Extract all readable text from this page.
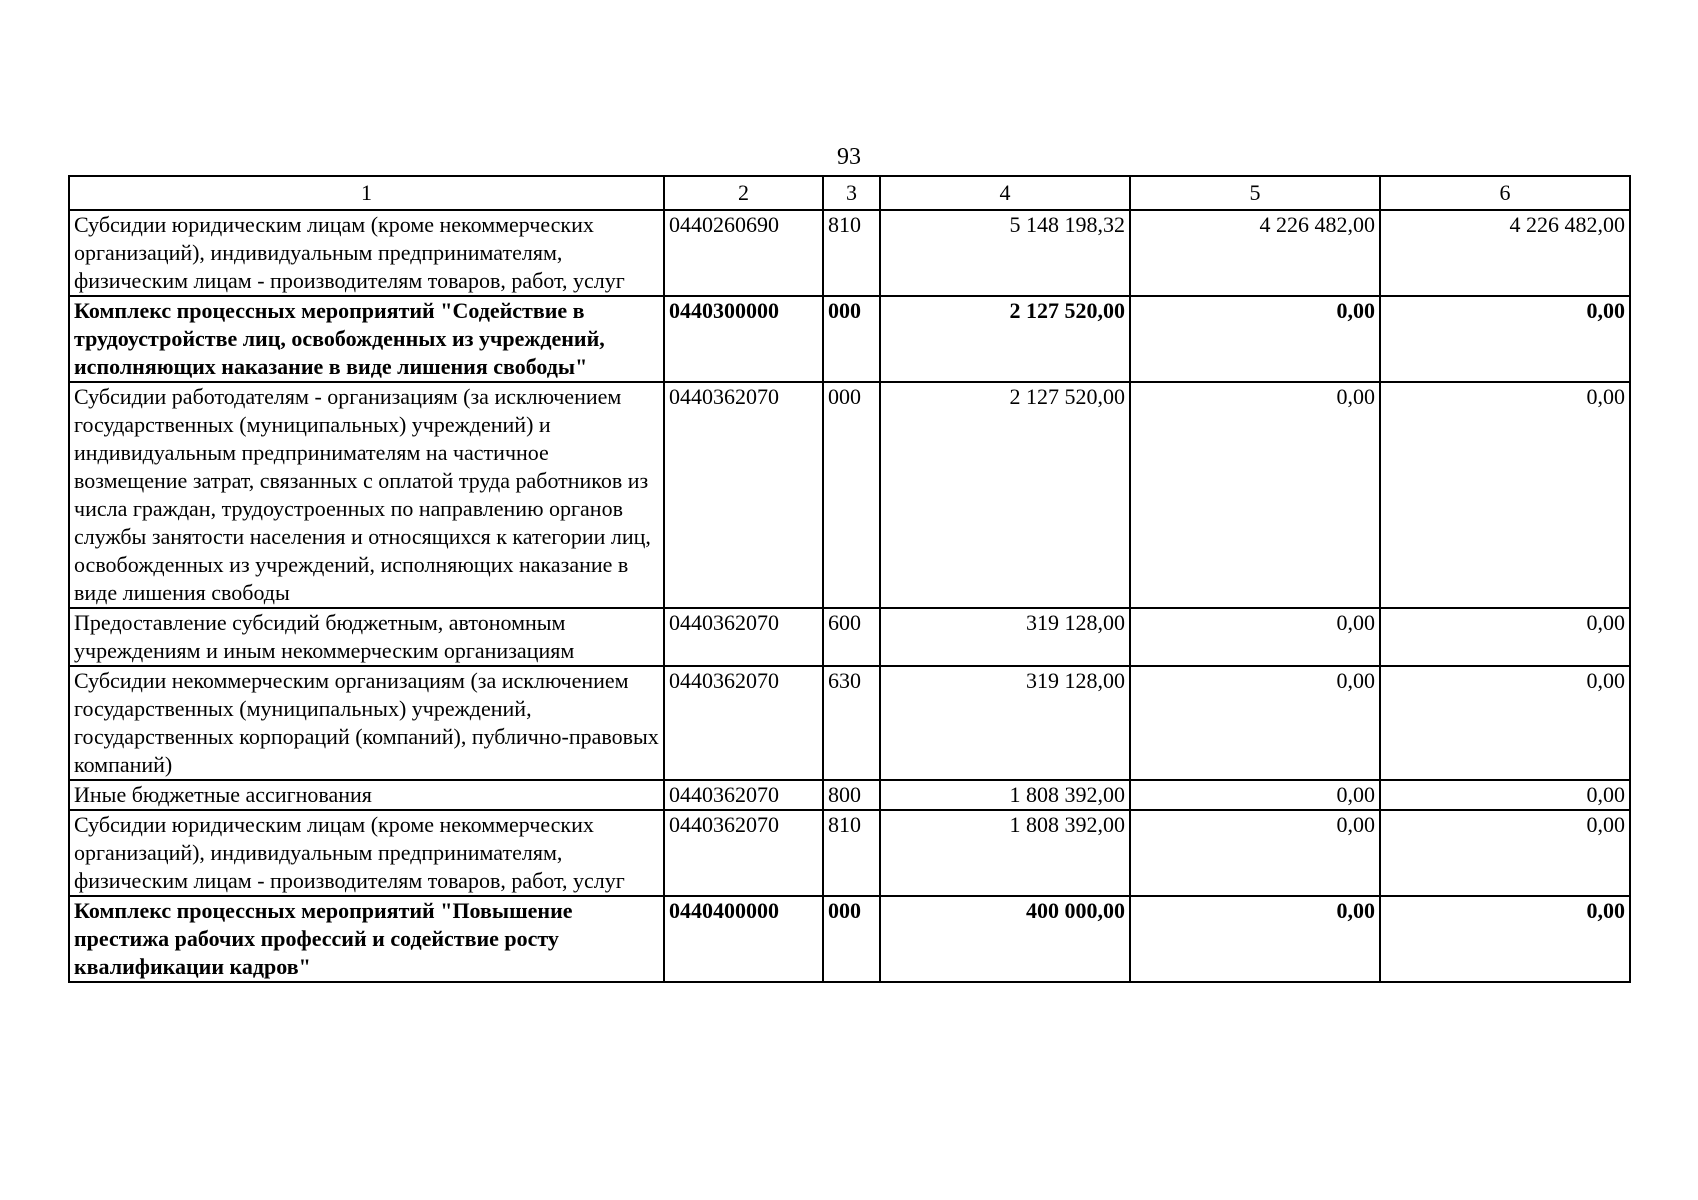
93
1	2	3	4	5	6
Субсидии юридическим лицам (кроме некоммерческих организаций), индивидуальным предпринимателям, физическим лицам - производителям товаров, работ, услуг	0440260690	810	5 148 198,32	4 226 482,00	4 226 482,00
Комплекс процессных мероприятий "Содействие в трудоустройстве лиц, освобожденных из учреждений, исполняющих наказание в виде лишения свободы"	0440300000	000	2 127 520,00	0,00	0,00
Субсидии работодателям - организациям (за исключением государственных (муниципальных) учреждений) и индивидуальным предпринимателям на частичное возмещение затрат, связанных с оплатой труда работников из числа граждан, трудоустроенных по направлению органов службы занятости населения и относящихся к категории лиц, освобожденных из учреждений, исполняющих наказание в виде лишения свободы	0440362070	000	2 127 520,00	0,00	0,00
Предоставление субсидий бюджетным, автономным учреждениям и иным некоммерческим организациям	0440362070	600	319 128,00	0,00	0,00
Субсидии некоммерческим организациям (за исключением государственных (муниципальных) учреждений, государственных корпораций (компаний), публично-правовых компаний)	0440362070	630	319 128,00	0,00	0,00
Иные бюджетные ассигнования	0440362070	800	1 808 392,00	0,00	0,00
Субсидии юридическим лицам (кроме некоммерческих организаций), индивидуальным предпринимателям, физическим лицам - производителям товаров, работ, услуг	0440362070	810	1 808 392,00	0,00	0,00
Комплекс процессных мероприятий "Повышение престижа рабочих профессий и содействие росту квалификации кадров"	0440400000	000	400 000,00	0,00	0,00
